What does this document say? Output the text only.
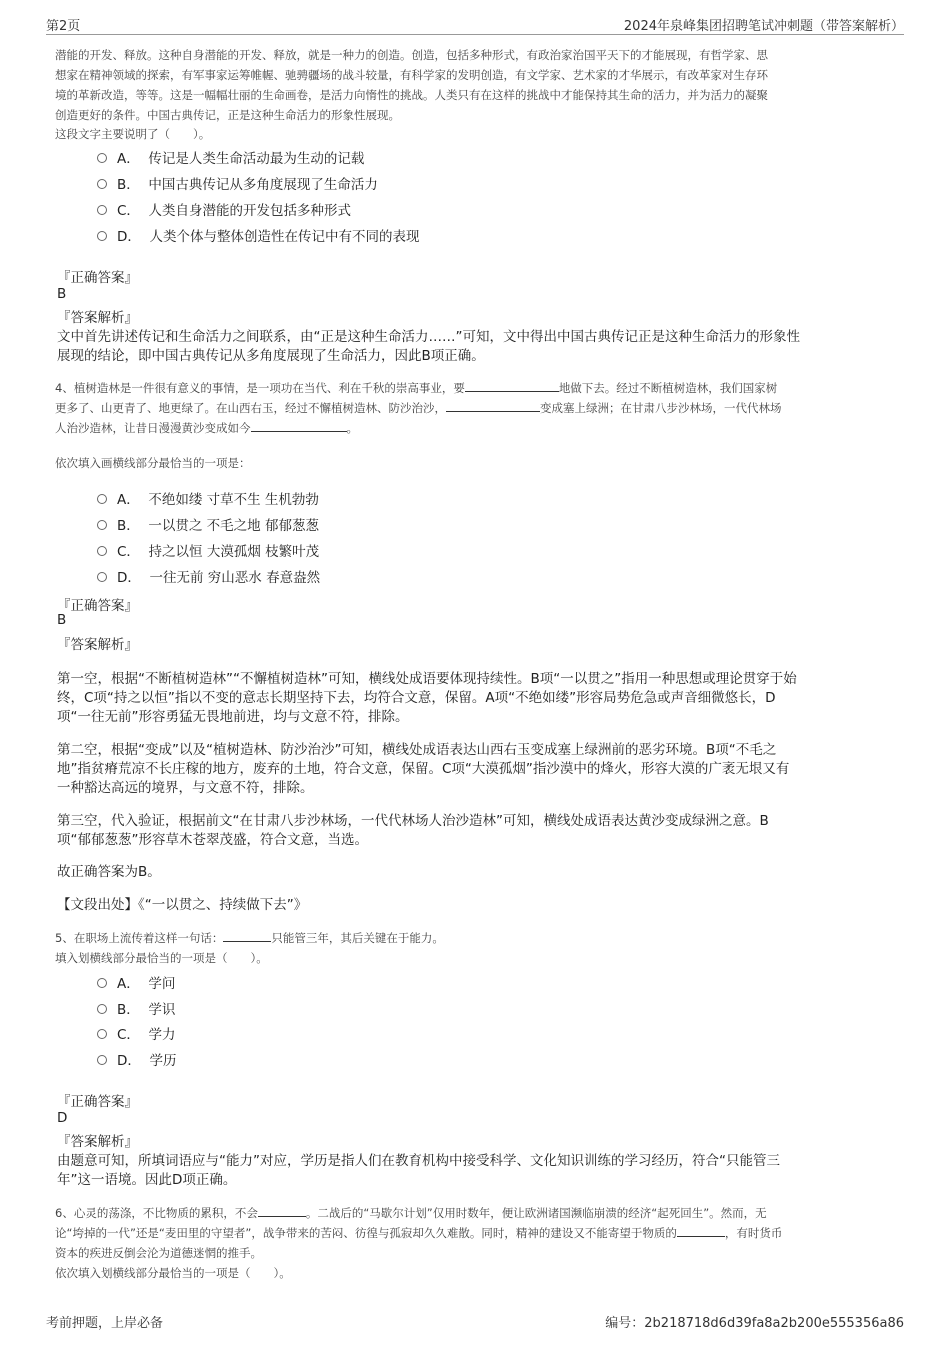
第2页	2024年泉峰集团招聘笔试冲刺题（带答案解析）
潜能的开发、释放。这种自身潜能的开发、释放，就是一种力的创造。创造，包括多种形式，有政治家治国平天下的才能展现，有哲学家、思
想家在精神领域的探索，有军事家运筹帷幄、驰骋疆场的战斗较量，有科学家的发明创造，有文学家、艺术家的才华展示，有改革家对生存环
境的革新改造，等等。这是一幅幅壮丽的生命画卷，是活力向惰性的挑战。人类只有在这样的挑战中才能保持其生命的活力，并为活力的凝聚
创造更好的条件。中国古典传记，正是这种生命活力的形象性展现。
这段文字主要说明了（　　）。
A． 传记是人类生命活动最为生动的记载
B． 中国古典传记从多角度展现了生命活力
C． 人类自身潜能的开发包括多种形式
D． 人类个体与整体创造性在传记中有不同的表现
『正确答案』
B
『答案解析』
文中首先讲述传记和生命活力之间联系，由“正是这种生命活力……”可知，文中得出中国古典传记正是这种生命活力的形象性
展现的结论，即中国古典传记从多角度展现了生命活力，因此B项正确。
4、植树造林是一件很有意义的事情，是一项功在当代、利在千秋的崇高事业，要	地做下去。经过不断植树造林，我们国家树
更多了、山更青了、地更绿了。在山西右玉，经过不懈植树造林、防沙治沙，	变成塞上绿洲；在甘肃八步沙林场，一代代林场
人治沙造林，让昔日漫漫黄沙变成如今	。
依次填入画横线部分最恰当的一项是：
A． 不绝如缕 寸草不生 生机勃勃
B． 一以贯之 不毛之地 郁郁葱葱
C． 持之以恒 大漠孤烟 枝繁叶茂
D． 一往无前 穷山恶水 春意盎然
『正确答案』
B
『答案解析』
第一空，根据“不断植树造林”“不懈植树造林”可知，横线处成语要体现持续性。B项“一以贯之”指用一种思想或理论贯穿于始
终，C项“持之以恒”指以不变的意志长期坚持下去，均符合文意，保留。A项“不绝如缕”形容局势危急或声音细微悠长，D
项“一往无前”形容勇猛无畏地前进，均与文意不符，排除。
第二空，根据“变成”以及“植树造林、防沙治沙”可知，横线处成语表达山西右玉变成塞上绿洲前的恶劣环境。B项“不毛之
地”指贫瘠荒凉不长庄稼的地方，废弃的土地，符合文意，保留。C项“大漠孤烟”指沙漠中的烽火，形容大漠的广袤无垠又有
一种豁达高远的境界，与文意不符，排除。
第三空，代入验证，根据前文“在甘肃八步沙林场，一代代林场人治沙造林”可知，横线处成语表达黄沙变成绿洲之意。B
项“郁郁葱葱”形容草木苍翠茂盛，符合文意，当选。
故正确答案为B。
【文段出处】《“一以贯之、持续做下去”》
5、在职场上流传着这样一句话：	只能管三年，其后关键在于能力。
填入划横线部分最恰当的一项是（　　）。
A． 学问
B． 学识
C． 学力
D． 学历
『正确答案』
D
『答案解析』
由题意可知，所填词语应与“能力”对应，学历是指人们在教育机构中接受科学、文化知识训练的学习经历，符合“只能管三
年”这一语境。因此D项正确。
6、心灵的荡涤，不比物质的累积，不会	。二战后的“马歇尔计划”仅用时数年，便让欧洲诸国濒临崩溃的经济“起死回生”。然而，无
论“垮掉的一代”还是“麦田里的守望者”，战争带来的苦闷、彷徨与孤寂却久久难散。同时，精神的建设又不能寄望于物质的	，有时货币
资本的疾进反倒会沦为道德迷惘的推手。
依次填入划横线部分最恰当的一项是（　　）。
考前押题，上岸必备	编号：2b218718d6d39fa8a2b200e555356a86
